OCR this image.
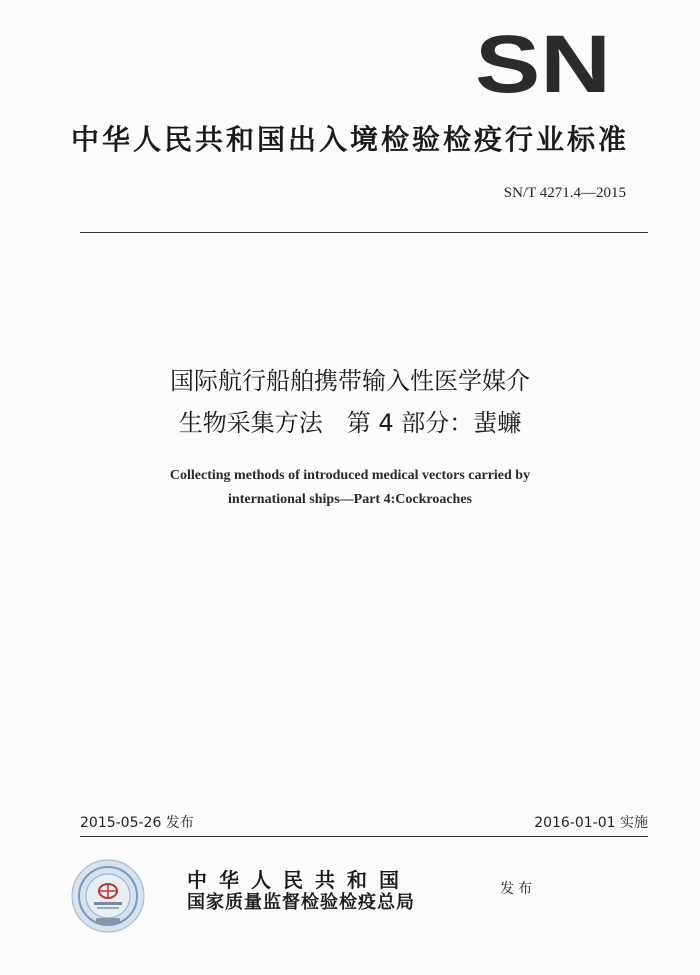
SN
中华人民共和国出入境检验检疫行业标准
SN/T 4271.4—2015
国际航行船舶携带输入性医学媒介
生物采集方法　第 4 部分：蜚蠊
Collecting methods of introduced medical vectors carried by
international ships—Part 4:Cockroaches
2015-05-26 发布	2016-01-01 实施
中华人民共和国
国家质量监督检验检疫总局
发布
